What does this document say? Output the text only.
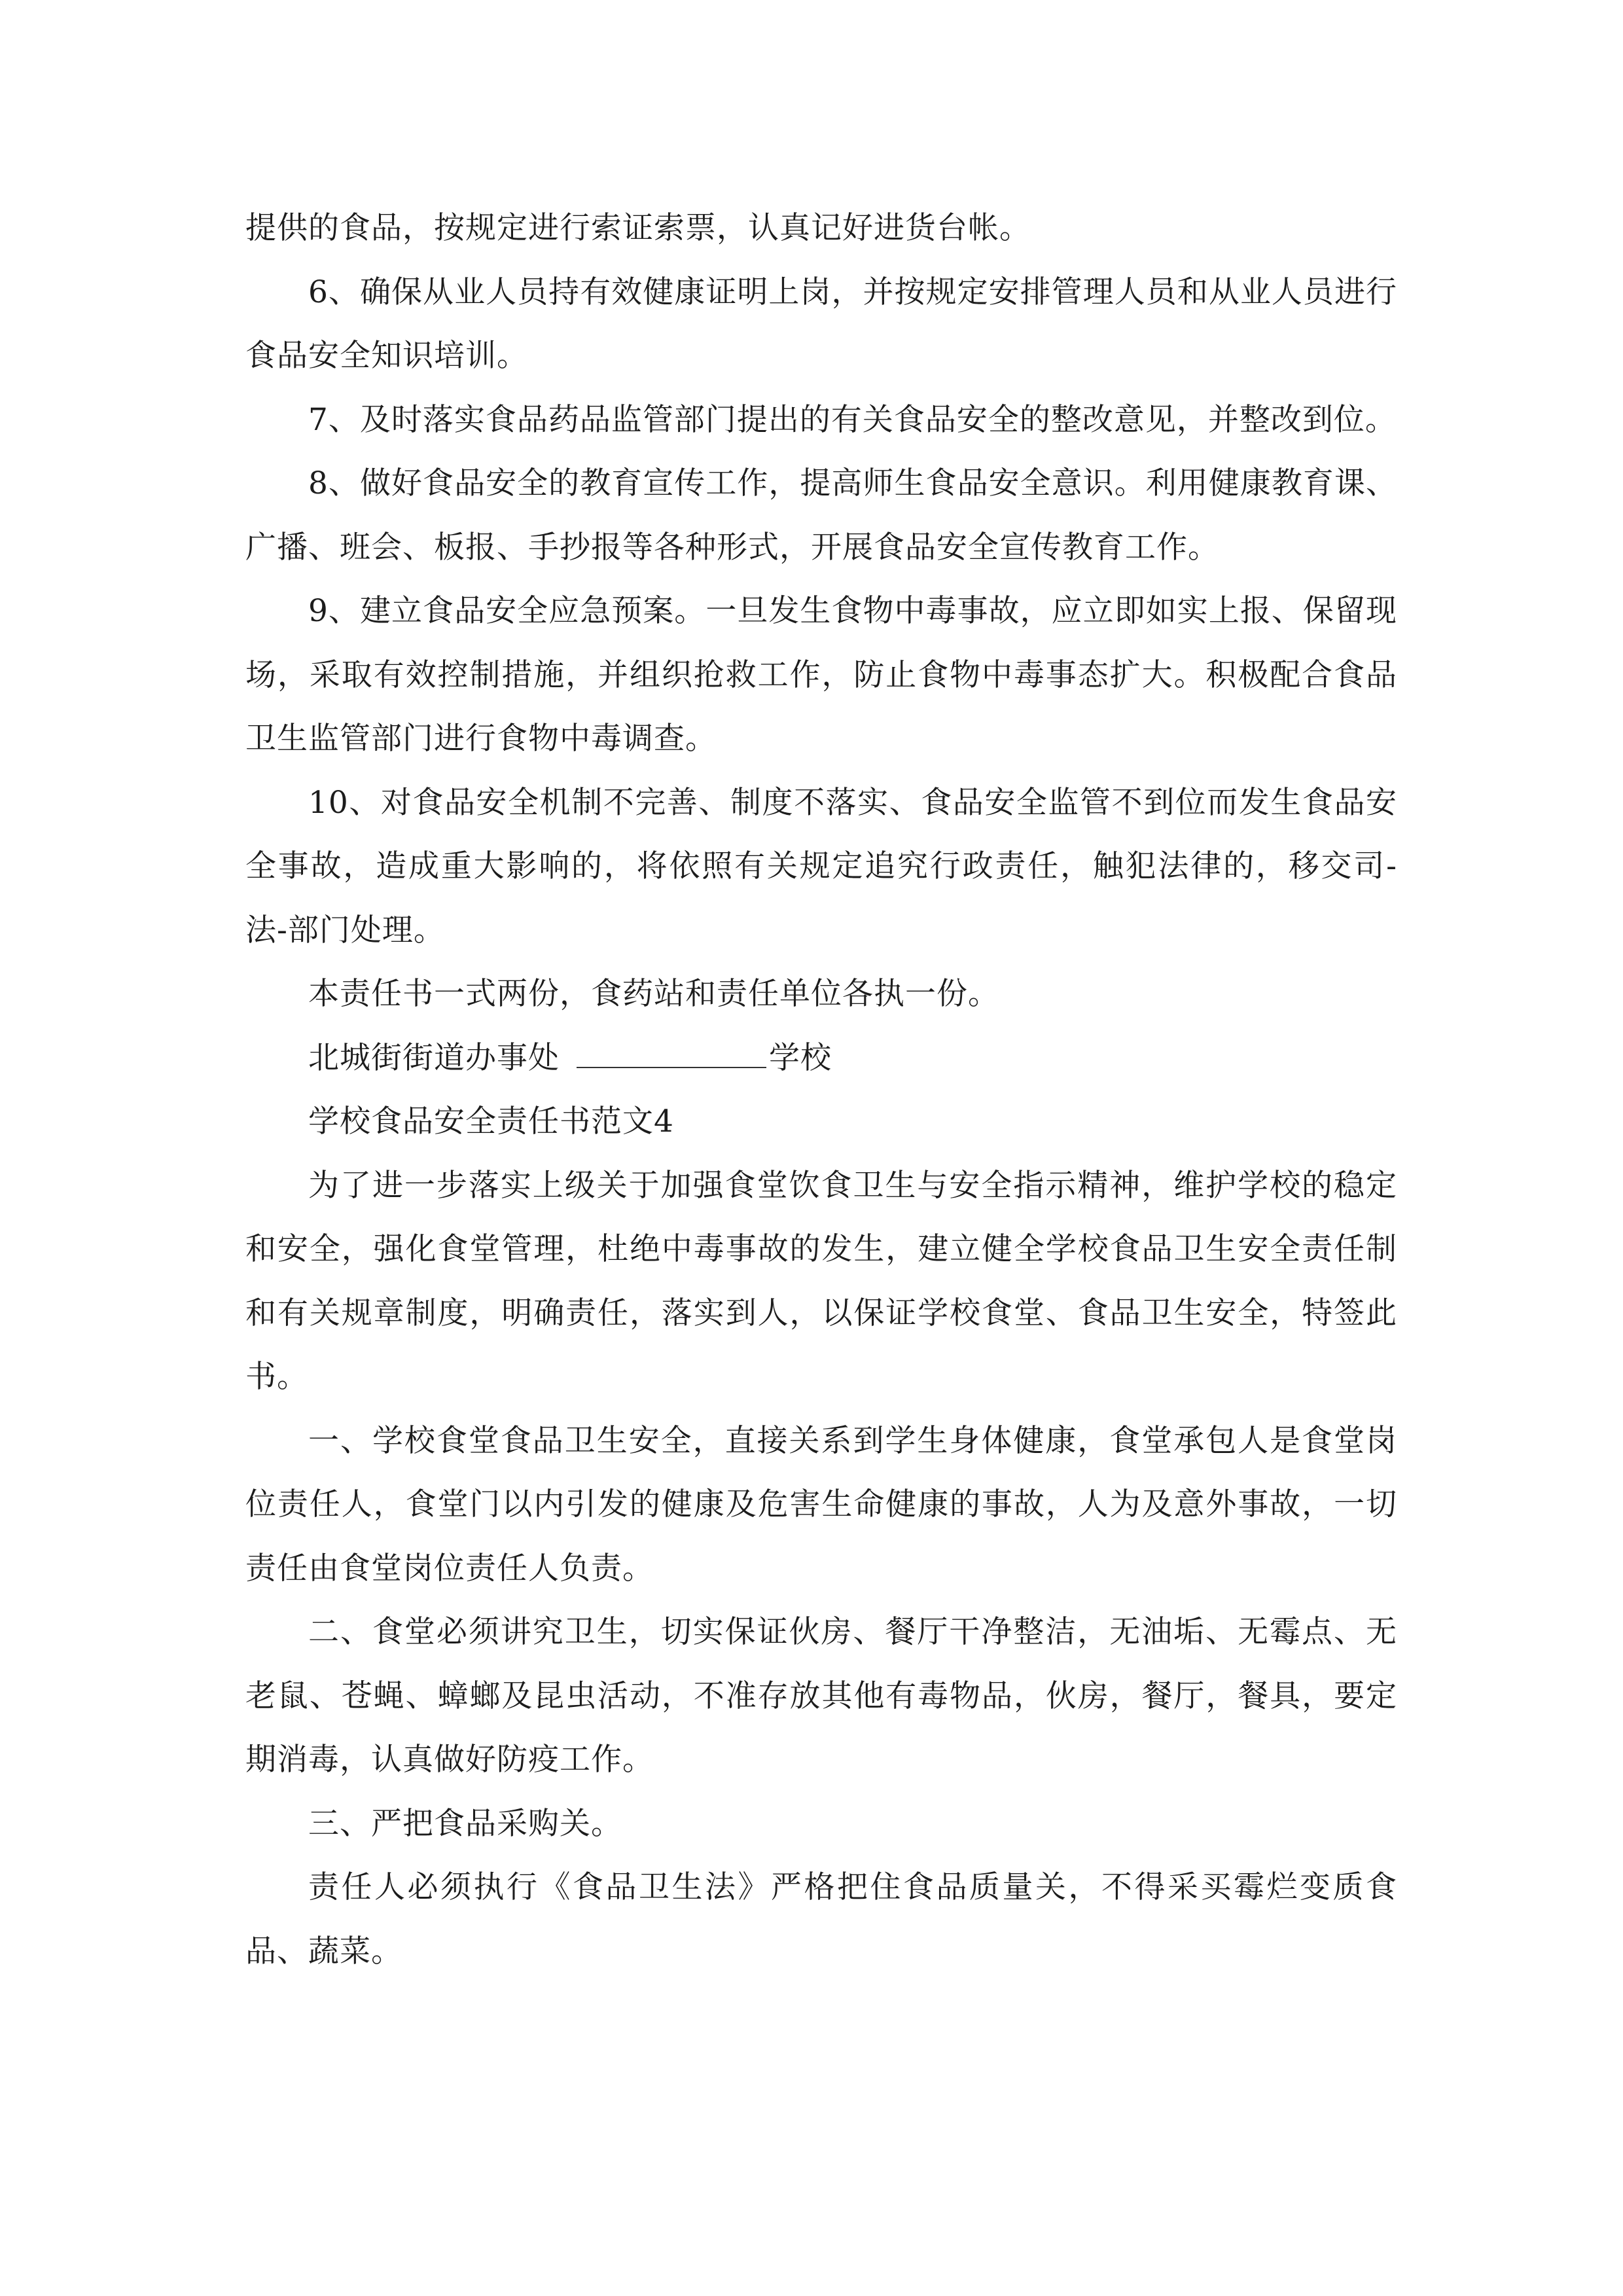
提供的食品，按规定进行索证索票，认真记好进货台帐。

6、确保从业人员持有效健康证明上岗，并按规定安排管理人员和从业人员进行食品安全知识培训。

7、及时落实食品药品监管部门提出的有关食品安全的整改意见，并整改到位。

8、做好食品安全的教育宣传工作，提高师生食品安全意识。利用健康教育课、广播、班会、板报、手抄报等各种形式，开展食品安全宣传教育工作。

9、建立食品安全应急预案。一旦发生食物中毒事故，应立即如实上报、保留现场，采取有效控制措施，并组织抢救工作，防止食物中毒事态扩大。积极配合食品卫生监管部门进行食物中毒调查。

10、对食品安全机制不完善、制度不落实、食品安全监管不到位而发生食品安全事故，造成重大影响的，将依照有关规定追究行政责任，触犯法律的，移交司-法-部门处理。

本责任书一式两份，食药站和责任单位各执一份。

北城街街道办事处	学校

学校食品安全责任书范文4

为了进一步落实上级关于加强食堂饮食卫生与安全指示精神，维护学校的稳定和安全，强化食堂管理，杜绝中毒事故的发生，建立健全学校食品卫生安全责任制和有关规章制度，明确责任，落实到人，以保证学校食堂、食品卫生安全，特签此书。

一、学校食堂食品卫生安全，直接关系到学生身体健康，食堂承包人是食堂岗位责任人，食堂门以内引发的健康及危害生命健康的事故，人为及意外事故，一切责任由食堂岗位责任人负责。

二、食堂必须讲究卫生，切实保证伙房、餐厅干净整洁，无油垢、无霉点、无老鼠、苍蝇、蟑螂及昆虫活动，不准存放其他有毒物品，伙房，餐厅，餐具，要定期消毒，认真做好防疫工作。

三、严把食品采购关。

责任人必须执行《食品卫生法》严格把住食品质量关，不得采买霉烂变质食品、蔬菜。
